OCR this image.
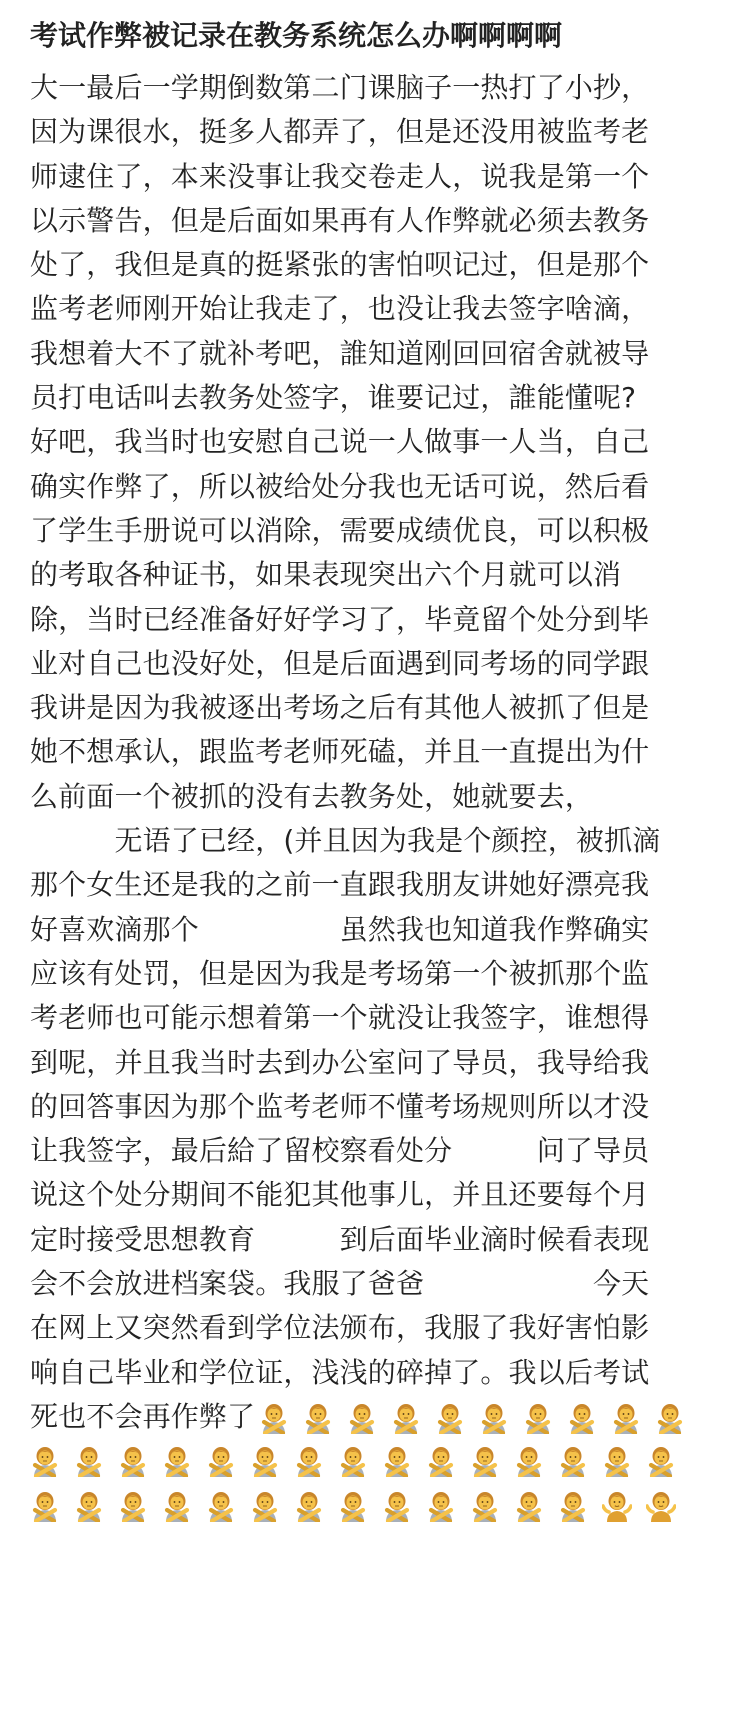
考试作弊被记录在教务系统怎么办啊啊啊啊
大一最后一学期倒数第二门课脑子一热打了小抄，
因为课很水，挺多人都弄了，但是还没用被监考老
师逮住了，本来没事让我交卷走人，说我是第一个
以示警告，但是后面如果再有人作弊就必须去教务
处了，我但是真的挺紧张的害怕呗记过，但是那个
监考老师刚开始让我走了，也没让我去签字啥滴，
我想着大不了就补考吧，誰知道刚回回宿舍就被导
员打电话叫去教务处签字，谁要记过，誰能懂呢?
好吧，我当时也安慰自己说一人做事一人当，自己
确实作弊了，所以被给处分我也无话可说，然后看
了学生手册说可以消除，需要成绩优良，可以积极
的考取各种证书，如果表现突出六个月就可以消
除，当时已经准备好好学习了，毕竟留个处分到毕
业对自己也没好处，但是后面遇到同考场的同学跟
我讲是因为我被逐出考场之后有其他人被抓了但是
她不想承认，跟监考老师死磕，并且一直提出为什
么前面一个被抓的没有去教务处，她就要去，
　　　无语了已经，(并且因为我是个颜控，被抓滴
那个女生还是我的之前一直跟我朋友讲她好漂亮我
好喜欢滴那个　　　　　虽然我也知道我作弊确实
应该有处罚，但是因为我是考场第一个被抓那个监
考老师也可能示想着第一个就没让我签字，谁想得
到呢，并且我当时去到办公室问了导员，我导给我
的回答事因为那个监考老师不懂考场规则所以才没
让我签字，最后給了留校察看处分　　　问了导员
说这个处分期间不能犯其他事儿，并且还要每个月
定时接受思想教育　　　到后面毕业滴时候看表现
会不会放进档案袋。我服了爸爸　　　　　　今天
在网上又突然看到学位法颁布，我服了我好害怕影
响自己毕业和学位证，浅浅的碎掉了。我以后考试
死也不会再作弊了
